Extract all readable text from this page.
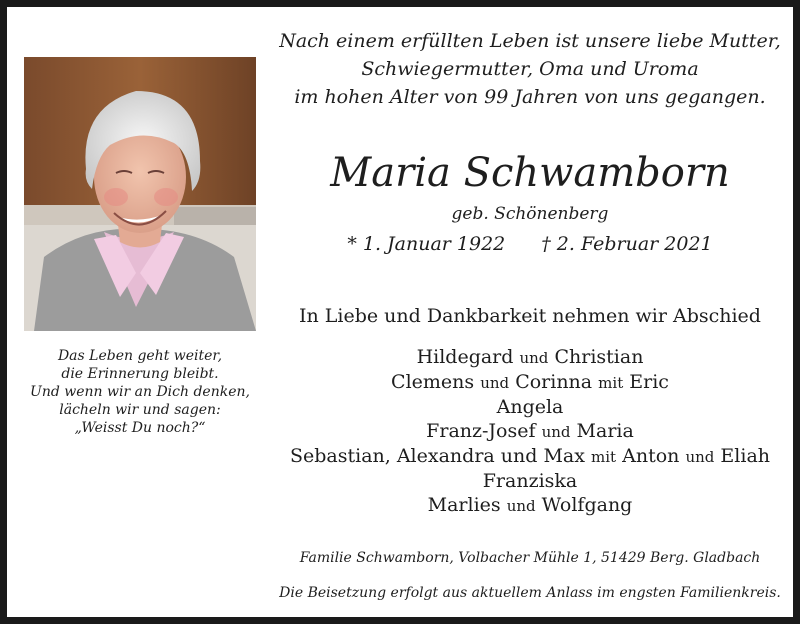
Das Leben geht weiter,
die Erinnerung bleibt.
Und wenn wir an Dich denken,
lächeln wir und sagen:
„Weisst Du noch?“
Nach einem erfüllten Leben ist unsere liebe Mutter,
Schwiegermutter, Oma und Uroma
im hohen Alter von 99 Jahren von uns gegangen.
Maria Schwamborn
geb. Schönenberg
* 1. Januar 1922 † 2. Februar 2021
In Liebe und Dankbarkeit nehmen wir Abschied
Hildegard und Christian
Clemens und Corinna mit Eric
Angela
Franz-Josef und Maria
Sebastian, Alexandra und Max mit Anton und Eliah
Franziska
Marlies und Wolfgang
Familie Schwamborn, Volbacher Mühle 1, 51429 Berg. Gladbach
Die Beisetzung erfolgt aus aktuellem Anlass im engsten Familienkreis.
